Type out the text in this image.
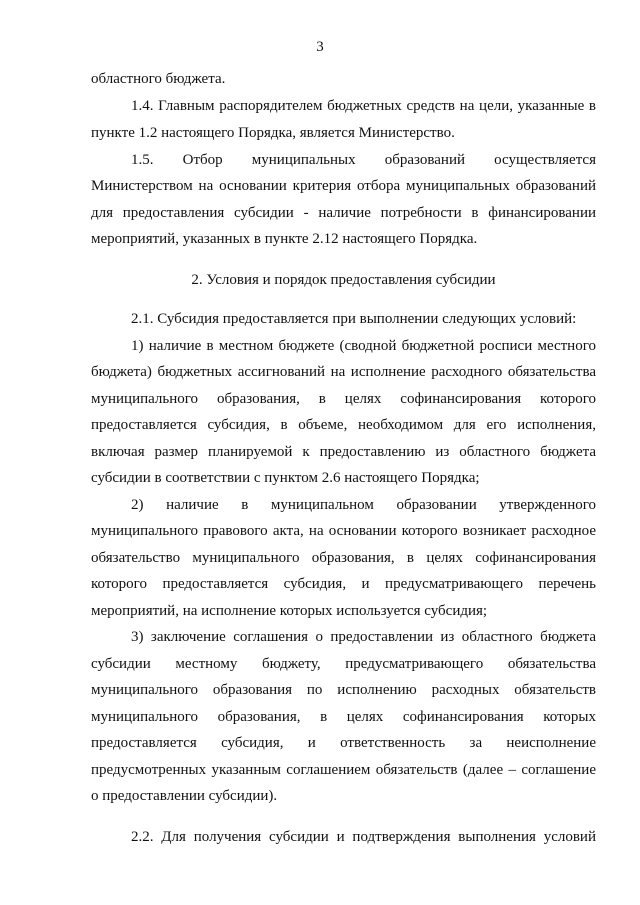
3
областного бюджета.
1.4. Главным распорядителем бюджетных средств на цели, указанные в
пункте 1.2 настоящего Порядка, является Министерство.
1.5. Отбор муниципальных образований осуществляется
Министерством на основании критерия отбора муниципальных образований
для предоставления субсидии - наличие потребности в финансировании
мероприятий, указанных в пункте 2.12 настоящего Порядка.
2. Условия и порядок предоставления субсидии
2.1. Субсидия предоставляется при выполнении следующих условий:
1) наличие в местном бюджете (сводной бюджетной росписи местного
бюджета) бюджетных ассигнований на исполнение расходного обязательства
муниципального образования, в целях софинансирования которого
предоставляется субсидия, в объеме, необходимом для его исполнения,
включая размер планируемой к предоставлению из областного бюджета
субсидии в соответствии с пунктом 2.6 настоящего Порядка;
2) наличие в муниципальном образовании утвержденного
муниципального правового акта, на основании которого возникает расходное
обязательство муниципального образования, в целях софинансирования
которого предоставляется субсидия, и предусматривающего перечень
мероприятий, на исполнение которых используется субсидия;
3) заключение соглашения о предоставлении из областного бюджета
субсидии местному бюджету, предусматривающего обязательства
муниципального образования по исполнению расходных обязательств
муниципального образования, в целях софинансирования которых
предоставляется субсидия, и ответственность за неисполнение
предусмотренных указанным соглашением обязательств (далее – соглашение
о предоставлении субсидии).
2.2. Для получения субсидии и подтверждения выполнения условий
